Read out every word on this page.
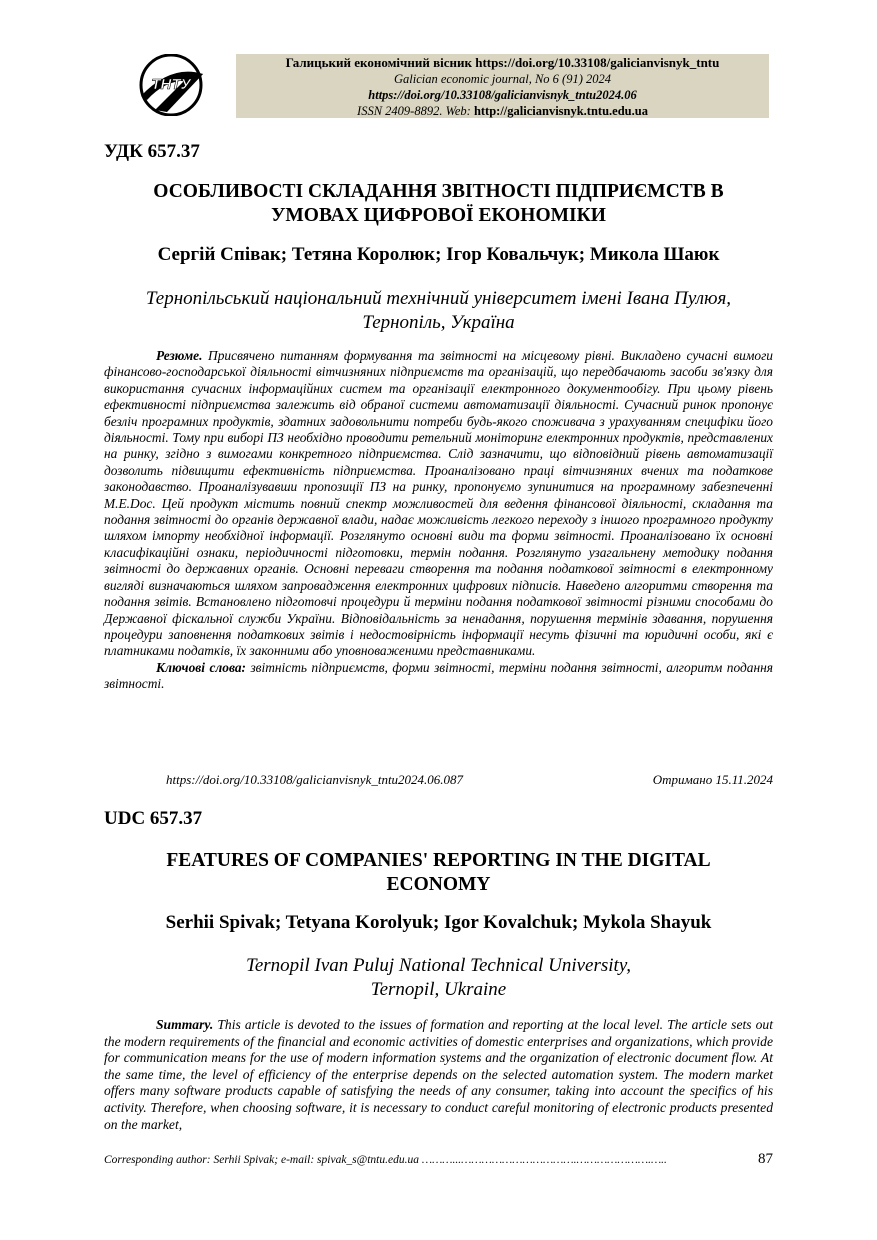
ТНТУ
Галицький економічний вісник https://doi.org/10.33108/galicianvisnyk_tntu
Galician economic journal, No 6 (91) 2024
https://doi.org/10.33108/galicianvisnyk_tntu2024.06
ISSN 2409-8892. Web: http://galicianvisnyk.tntu.edu.ua
УДК 657.37
ОСОБЛИВОСТІ СКЛАДАННЯ ЗВІТНОСТІ ПІДПРИЄМСТВ В
УМОВАХ ЦИФРОВОЇ ЕКОНОМІКИ
Сергій Співак; Тетяна Королюк; Ігор Ковальчук; Микола Шаюк
Тернопільський національний технічний університет імені Івана Пулюя,
Тернопіль, Україна
Резюме. Присвячено питанням формування та звітності на місцевому рівні. Викладено сучасні вимоги фінансово-господарської діяльності вітчизняних підприємств та організацій, що передбачають засоби зв'язку для використання сучасних інформаційних систем та організації електронного документообігу. При цьому рівень ефективності підприємства залежить від обраної системи автоматизації діяльності. Сучасний ринок пропонує безліч програмних продуктів, здатних задовольнити потреби будь-якого споживача з урахуванням специфіки його діяльності. Тому при виборі ПЗ необхідно проводити ретельний моніторинг електронних продуктів, представлених на ринку, згідно з вимогами конкретного підприємства. Слід зазначити, що відповідний рівень автоматизації дозволить підвищити ефективність підприємства. Проаналізовано праці вітчизняних вчених та податкове законодавство. Проаналізувавши пропозиції ПЗ на ринку, пропонуємо зупинитися на програмному забезпеченні M.E.Doc. Цей продукт містить повний спектр можливостей для ведення фінансової діяльності, складання та подання звітності до органів державної влади, надає можливість легкого переходу з іншого програмного продукту шляхом імпорту необхідної інформації. Розглянуто основні види та форми звітності. Проаналізовано їх основні класифікаційні ознаки, періодичності підготовки, термін подання. Розглянуто узагальнену методику подання звітності до державних органів. Основні переваги створення та подання податкової звітності в електронному вигляді визначаються шляхом запровадження електронних цифрових підписів. Наведено алгоритми створення та подання звітів. Встановлено підготовчі процедури й терміни подання податкової звітності різними способами до Державної фіскальної служби України. Відповідальність за ненадання, порушення термінів здавання, порушення процедури заповнення податкових звітів і недостовірність інформації несуть фізичні та юридичні особи, які є платниками податків, їх законними або уповноваженими представниками.
Ключові слова: звітність підприємств, форми звітності, терміни подання звітності, алгоритм подання звітності.
https://doi.org/10.33108/galicianvisnyk_tntu2024.06.087	Отримано 15.11.2024
UDC 657.37
FEATURES OF COMPANIES' REPORTING IN THE DIGITAL
ECONOMY
Serhii Spivak; Tetyana Korolyuk; Igor Kovalchuk; Mykola Shayuk
Ternopil Ivan Puluj National Technical University,
Ternopil, Ukraine
Summary. This article is devoted to the issues of formation and reporting at the local level. The article sets out the modern requirements of the financial and economic activities of domestic enterprises and organizations, which provide for communication means for the use of modern information systems and the organization of electronic document flow. At the same time, the level of efficiency of the enterprise depends on the selected automation system. The modern market offers many software products capable of satisfying the needs of any consumer, taking into account the specifics of his activity. Therefore, when choosing software, it is necessary to conduct careful monitoring of electronic products presented on the market,
Corresponding author: Serhii Spivak; e-mail: spivak_s@tntu.edu.ua ………...…………………………….………………….…..	87
